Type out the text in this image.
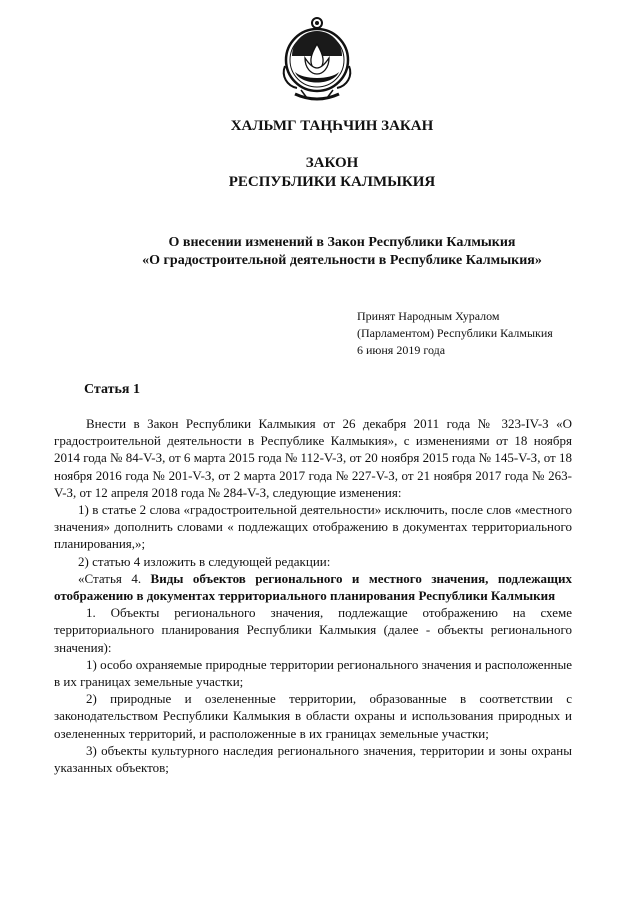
ХАЛЬМГ ТАҢҺЧИН ЗАКАН
ЗАКОН
РЕСПУБЛИКИ КАЛМЫКИЯ
О внесении изменений в Закон Республики Калмыкия
«О градостроительной деятельности в Республике Калмыкия»
Принят Народным Хуралом
(Парламентом) Республики Калмыкия
6 июня 2019 года
Статья 1

Внести в Закон Республики Калмыкия от 26 декабря 2011 года № 323-IV-З «О градостроительной деятельности в Республике Калмыкия», с изменениями от 18 ноября 2014 года № 84-V-З, от 6 марта 2015 года № 112-V-З, от 20 ноября 2015 года № 145-V-З, от 18 ноября 2016 года № 201-V-З, от 2 марта 2017 года № 227-V-З, от 21 ноября 2017 года № 263-V-З, от 12 апреля 2018 года № 284-V-З, следующие изменения:

1) в статье 2 слова «градостроительной деятельности» исключить, после слов «местного значения» дополнить словами « подлежащих отображению в документах территориального планирования,»;

2) статью 4 изложить в следующей редакции:

«Статья 4. Виды объектов регионального и местного значения, подлежащих отображению в документах территориального планирования Республики Калмыкия

1. Объекты регионального значения, подлежащие отображению на схеме территориального планирования Республики Калмыкия (далее - объекты регионального значения):

1) особо охраняемые природные территории регионального значения и расположенные в их границах земельные участки;

2) природные и озелененные территории, образованные в соответствии с законодательством Республики Калмыкия в области охраны и использования природных и озелененных территорий, и расположенные в их границах земельные участки;

3) объекты культурного наследия регионального значения, территории и зоны охраны указанных объектов;
